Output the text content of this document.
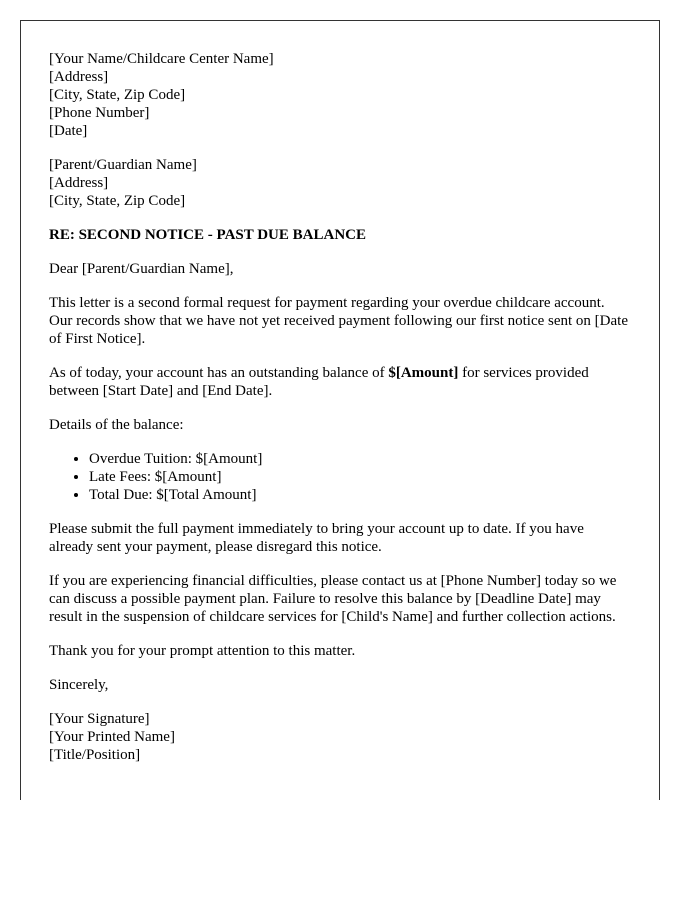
[Your Name/Childcare Center Name]
[Address]
[City, State, Zip Code]
[Phone Number]
[Date]
[Parent/Guardian Name]
[Address]
[City, State, Zip Code]
RE: SECOND NOTICE - PAST DUE BALANCE

Dear [Parent/Guardian Name],

This letter is a second formal request for payment regarding your overdue childcare account. Our records show that we have not yet received payment following our first notice sent on [Date of First Notice].

As of today, your account has an outstanding balance of $[Amount] for services provided between [Start Date] and [End Date].

Details of the balance:

• Overdue Tuition: $[Amount]
• Late Fees: $[Amount]
• Total Due: $[Total Amount]

Please submit the full payment immediately to bring your account up to date. If you have already sent your payment, please disregard this notice.

If you are experiencing financial difficulties, please contact us at [Phone Number] today so we can discuss a possible payment plan. Failure to resolve this balance by [Deadline Date] may result in the suspension of childcare services for [Child's Name] and further collection actions.

Thank you for your prompt attention to this matter.

Sincerely,

[Your Signature]
[Your Printed Name]
[Title/Position]
